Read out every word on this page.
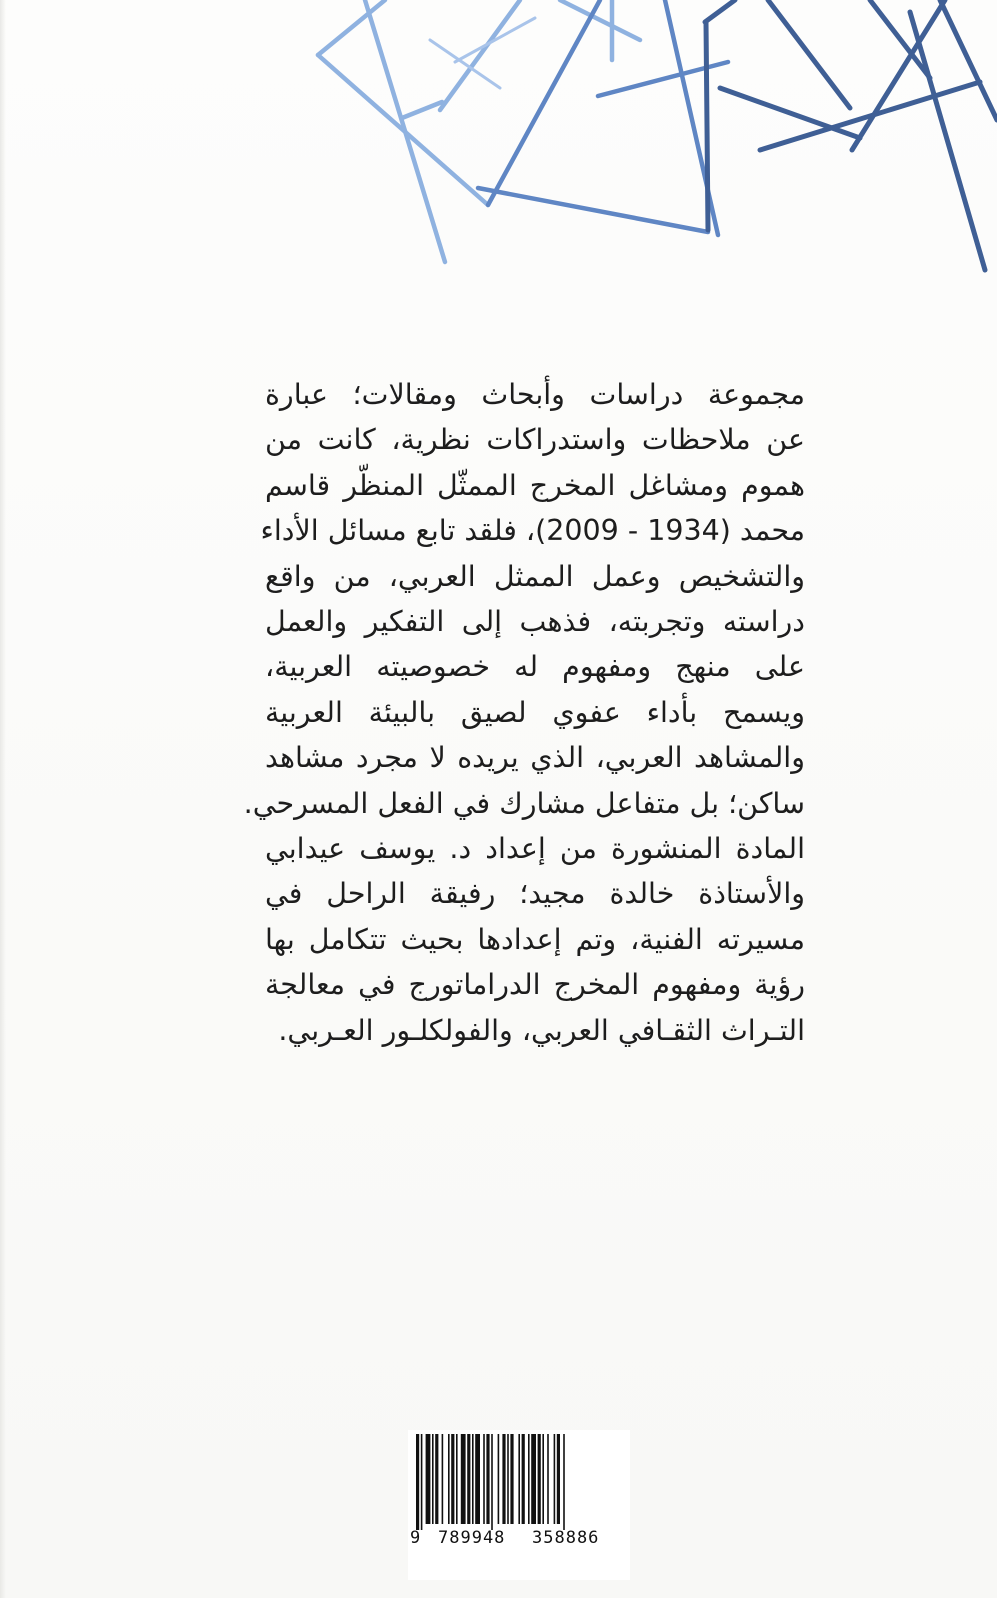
مجموعة دراسات وأبحاث ومقالات؛ عبارة
عن ملاحظات واستدراكات نظرية، كانت من
هموم ومشاغل المخرج الممثّل المنظّر قاسم
محمد (1934 - 2009)، فلقد تابع مسائل الأداء
والتشخيص وعمل الممثل العربي، من واقع
دراسته وتجربته، فذهب إلى التفكير والعمل
على منهج ومفهوم له خصوصيته العربية،
ويسمح بأداء عفوي لصيق بالبيئة العربية
والمشاهد العربي، الذي يريده لا مجرد مشاهد
ساكن؛ بل متفاعل مشارك في الفعل المسرحي.
المادة المنشورة من إعداد د. يوسف عيدابي
والأستاذة خالدة مجيد؛ رفيقة الراحل في
مسيرته الفنية، وتم إعدادها بحيث تتكامل بها
رؤية ومفهوم المخرج الدراماتورج في معالجة
التـراث الثقـافي العربي، والفولكلـور العـربي.
9 789948 358886
